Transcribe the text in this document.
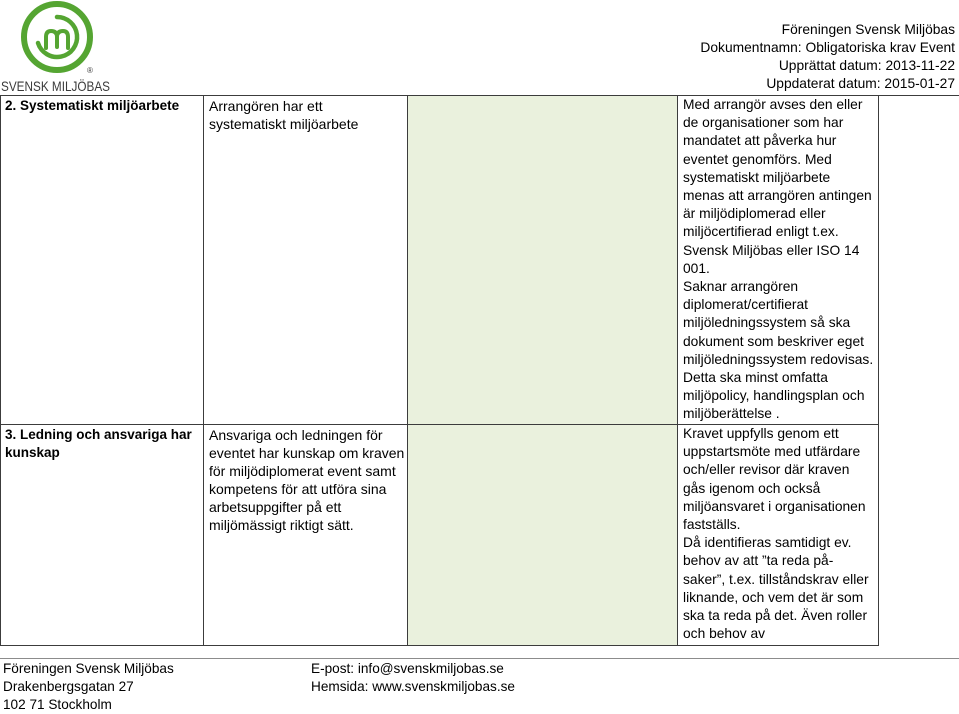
SVENSK MILJÖBAS
®
Föreningen Svensk Miljöbas
Dokumentnamn: Obligatoriska krav Event
Upprättat datum: 2013-11-22
Uppdaterat datum: 2015-01-27
2. Systematiskt miljöarbete	Arrangören har ett
systematiskt miljöarbete
Med arrangör avses den eller
de organisationer som har
mandatet att påverka hur
eventet genomförs. Med
systematiskt miljöarbete
menas att arrangören antingen
är miljödiplomerad eller
miljöcertifierad enligt t.ex.
Svensk Miljöbas eller ISO 14
001.
Saknar arrangören
diplomerat/certifierat
miljöledningssystem så ska
dokument som beskriver eget
miljöledningssystem redovisas.
Detta ska minst omfatta
miljöpolicy, handlingsplan och
miljöberättelse .
3. Ledning och ansvariga har
kunskap
Ansvariga och ledningen för
eventet har kunskap om kraven
för miljödiplomerat event samt
kompetens för att utföra sina
arbetsuppgifter på ett
miljömässigt riktigt sätt.
Kravet uppfylls genom ett
uppstartsmöte med utfärdare
och/eller revisor där kraven
gås igenom och också
miljöansvaret i organisationen
fastställs.
Då identifieras samtidigt ev.
behov av att ”ta reda på-
saker”, t.ex. tillståndskrav eller
liknande, och vem det är som
ska ta reda på det. Även roller
och behov av
Föreningen Svensk Miljöbas
Drakenbergsgatan 27
102 71 Stockholm
E-post: info@svenskmiljobas.se
Hemsida: www.svenskmiljobas.se
